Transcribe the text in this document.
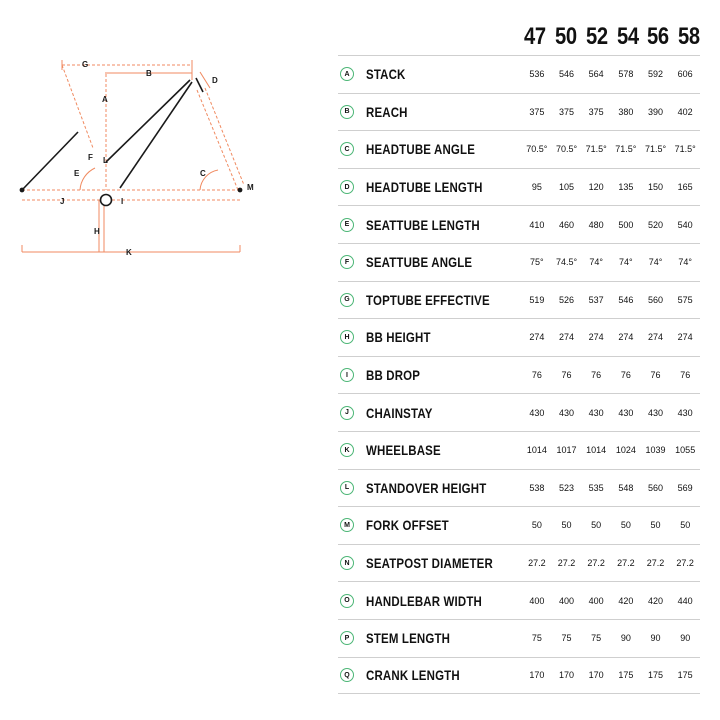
G
B
D
A
F L
E	C
M
J	I
H
K
47 50 52 54 56 58
A	STACK	536	546	564	578	592	606
B	REACH	375	375	375	380	390	402
C	HEADTUBE ANGLE	70.5° 70.5° 71.5° 71.5° 71.5° 71.5°
D	HEADTUBE LENGTH	95	105	120	135	150	165
E	SEATTUBE LENGTH	410	460	480	500	520	540
F	SEATTUBE ANGLE	75°	74.5°	74°	74°	74°	74°
G	TOPTUBE EFFECTIVE	519	526	537	546	560	575
H	BB HEIGHT	274	274	274	274	274	274
I	BB DROP	76	76	76	76	76	76
J	CHAINSTAY	430	430	430	430	430	430
K	WHEELBASE	1014	1017	1014	1024	1039	1055
L	STANDOVER HEIGHT	538	523	535	548	560	569
M FORK OFFSET	50	50	50	50	50	50
N	SEATPOST DIAMETER	27.2	27.2	27.2	27.2	27.2	27.2
O	HANDLEBAR WIDTH	400	400	400	420	420	440
P	STEM LENGTH	75	75	75	90	90	90
Q	CRANK LENGTH	170	170	170	175	175	175
